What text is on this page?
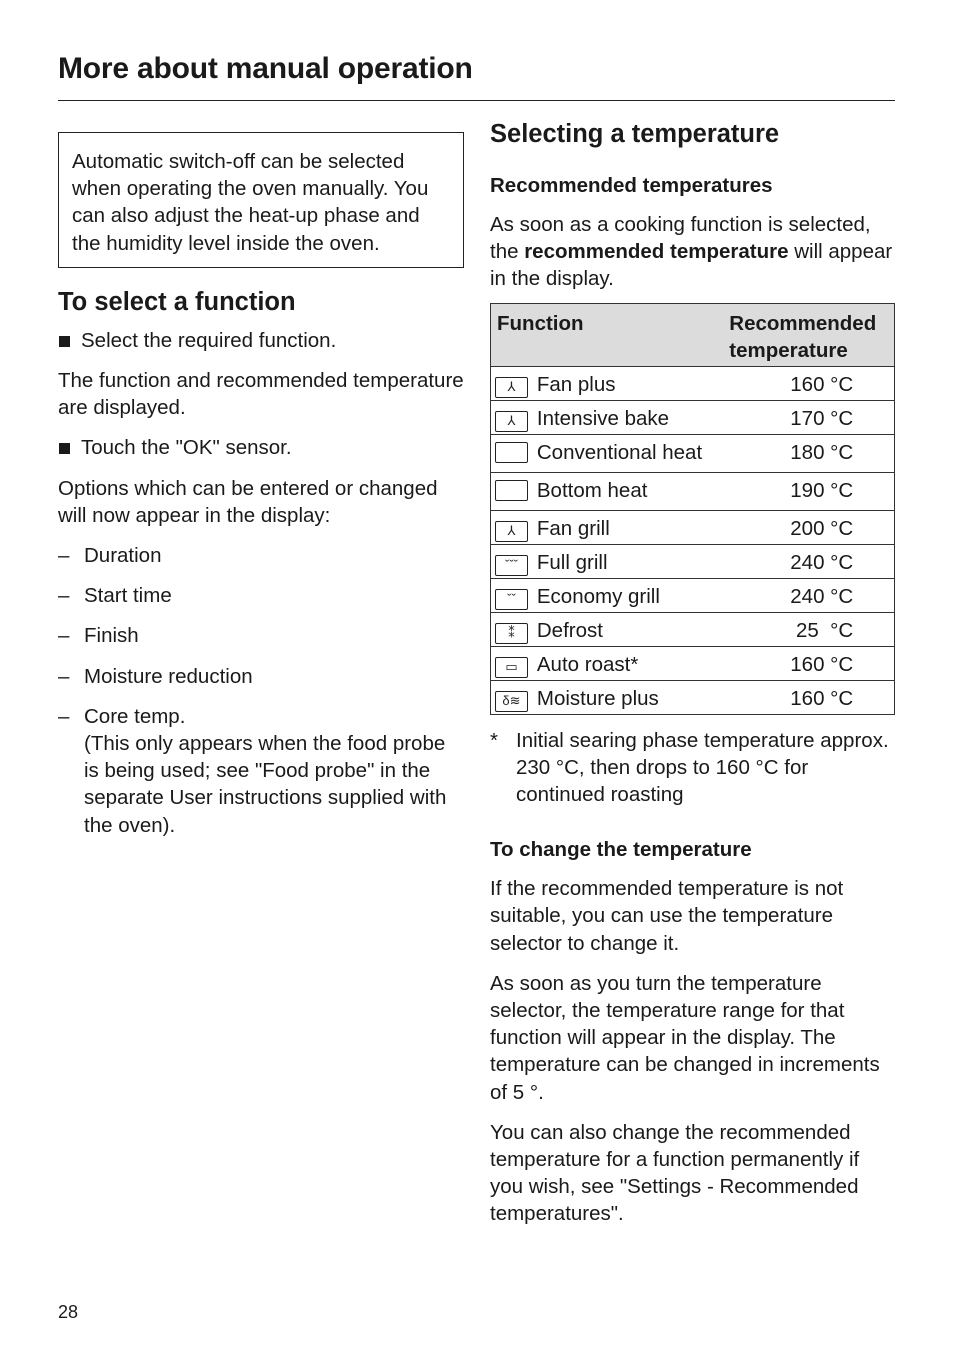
More about manual operation
Automatic switch-off can be selected when operating the oven manually. You can also adjust the heat-up phase and the humidity level inside the oven.
To select a function
Select the required function.
The function and recommended temperature are displayed.
Touch the "OK" sensor.
Options which can be entered or changed will now appear in the display:
– Duration
– Start time
– Finish
– Moisture reduction
– Core temp.
(This only appears when the food probe is being used; see "Food probe" in the separate User instructions supplied with the oven).
Selecting a temperature
Recommended temperatures
As soon as a cooking function is selected, the recommended temperature will appear in the display.
Function		Recommended temperature
⅄	Fan plus	160 °C
⅄	Intensive bake	170 °C
	Conventional heat	180 °C
	Bottom heat	190 °C
⅄	Fan grill	200 °C
ˇˇˇ	Full grill	240 °C
ˇˇ	Economy grill	240 °C
⁑	Defrost	25  °C
▭	Auto roast*	160 °C
δ≋	Moisture plus	160 °C
* Initial searing phase temperature approx. 230 °C, then drops to 160 °C for continued roasting
To change the temperature
If the recommended temperature is not suitable, you can use the temperature selector to change it.
As soon as you turn the temperature selector, the temperature range for that function will appear in the display. The temperature can be changed in increments of 5 °.
You can also change the recommended temperature for a function permanently if you wish, see "Settings - Recommended temperatures".
28
